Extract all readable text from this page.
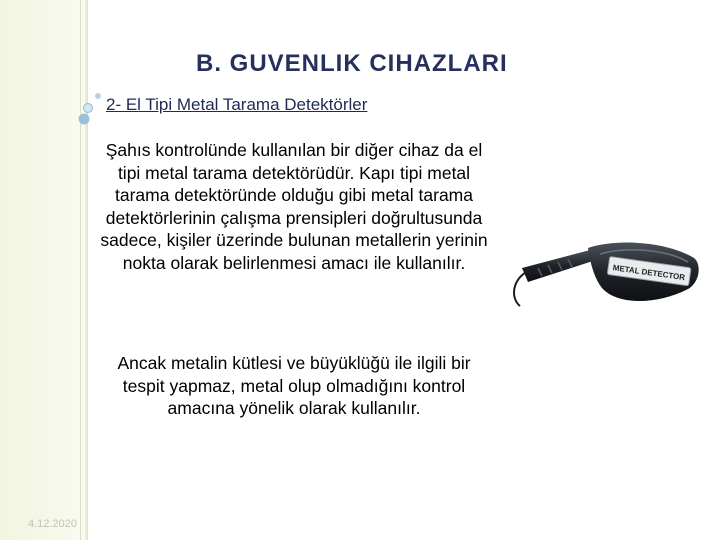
B. GUVENLIK CIHAZLARI
2- El Tipi Metal Tarama Detektörler

Şahıs kontrolünde kullanılan bir diğer cihaz da el tipi metal tarama detektörüdür. Kapı tipi metal tarama detektöründe olduğu gibi metal tarama detektörlerinin çalışma prensipleri doğrultusunda sadece, kişiler üzerinde bulunan metallerin yerinin nokta olarak belirlenmesi amacı ile kullanılır.

METAL DETECTOR

Ancak metalin kütlesi ve büyüklüğü ile ilgili bir tespit yapmaz, metal olup olmadığını kontrol amacına yönelik olarak kullanılır.

4.12.2020
